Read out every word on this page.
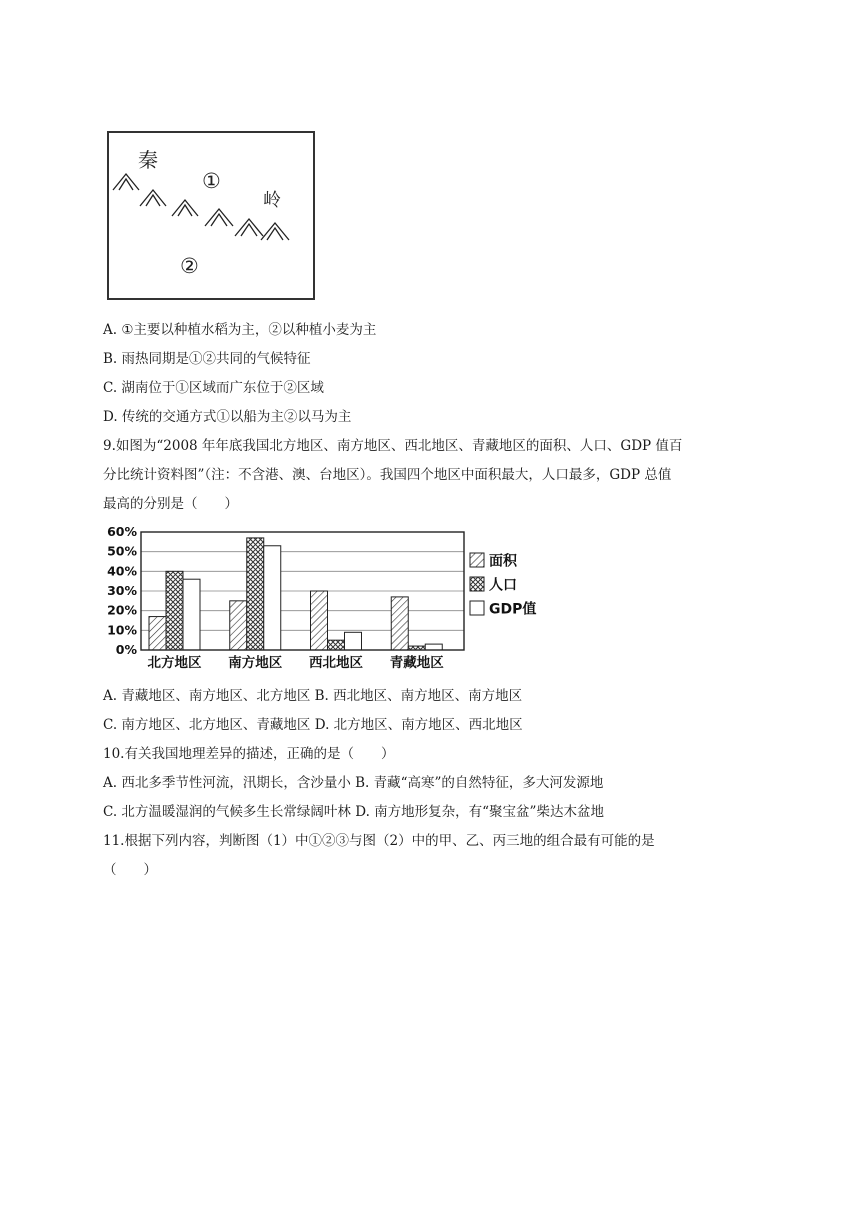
秦
①
岭
②
A. ①主要以种植水稻为主，②以种植小麦为主
B. 雨热同期是①②共同的气候特征
C. 湖南位于①区域而广东位于②区域
D. 传统的交通方式①以船为主②以马为主
9.如图为“2008 年年底我国北方地区、南方地区、西北地区、青藏地区的面积、人口、GDP 值百
分比统计资料图”（注：不含港、澳、台地区）。我国四个地区中面积最大，人口最多，GDP 总值
最高的分别是（　　）
0%
10%
20%
30%
40%
50%
60%
北方地区 南方地区 西北地区 青藏地区
面积
人口
GDP值
A. 青藏地区、南方地区、北方地区 B. 西北地区、南方地区、南方地区
C. 南方地区、北方地区、青藏地区 D. 北方地区、南方地区、西北地区
10.有关我国地理差异的描述，正确的是（　　）
A. 西北多季节性河流，汛期长，含沙量小 B. 青藏“高寒”的自然特征，多大河发源地
C. 北方温暖湿润的气候多生长常绿阔叶林 D. 南方地形复杂，有“聚宝盆”柴达木盆地
11.根据下列内容，判断图（1）中①②③与图（2）中的甲、乙、丙三地的组合最有可能的是
（　　）
